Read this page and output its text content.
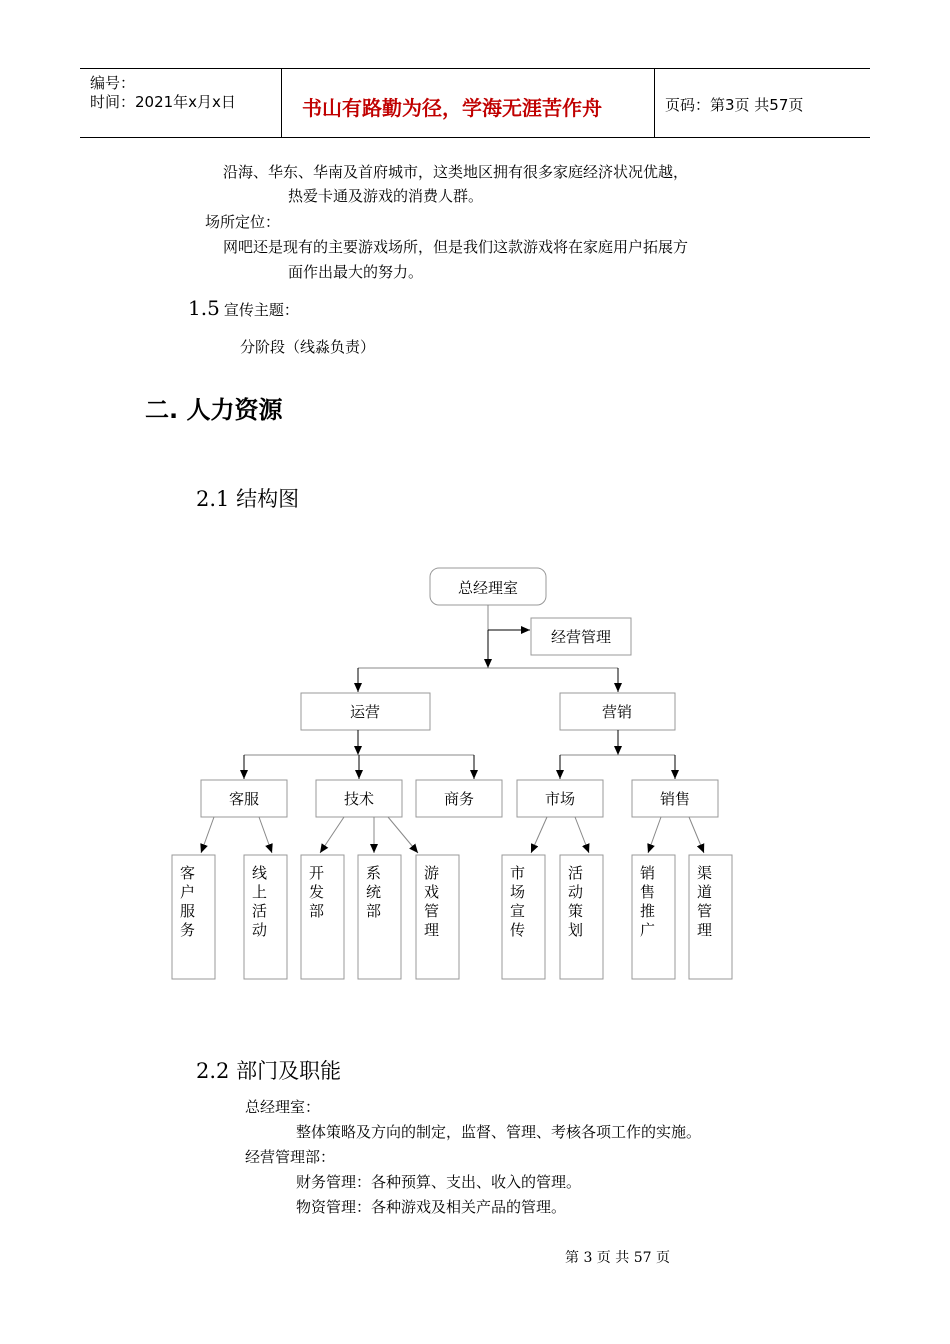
编号：
时间：2021年x月x日	书山有路勤为径，学海无涯苦作舟	页码：第3页 共57页
沿海、华东、华南及首府城市，这类地区拥有很多家庭经济状况优越，
热爱卡通及游戏的消费人群。
场所定位：
网吧还是现有的主要游戏场所，但是我们这款游戏将在家庭用户拓展方
面作出最大的努力。
1.5 宣传主题：
分阶段（线淼负责）
二. 人力资源
2.1 结构图
总经理室
经营管理
运营	营销
客服	技术	商务	市场	销售
客
户
服
务
线
上
活
动
开
发
部
系
统
部
游
戏
管
理
市
场
宣
传
活
动
策
划
销
售
推
广
渠
道
管
理
2.2 部门及职能
总经理室：
整体策略及方向的制定，监督、管理、考核各项工作的实施。
经营管理部：
财务管理：各种预算、支出、收入的管理。
物资管理：各种游戏及相关产品的管理。
第 3 页 共 57 页
